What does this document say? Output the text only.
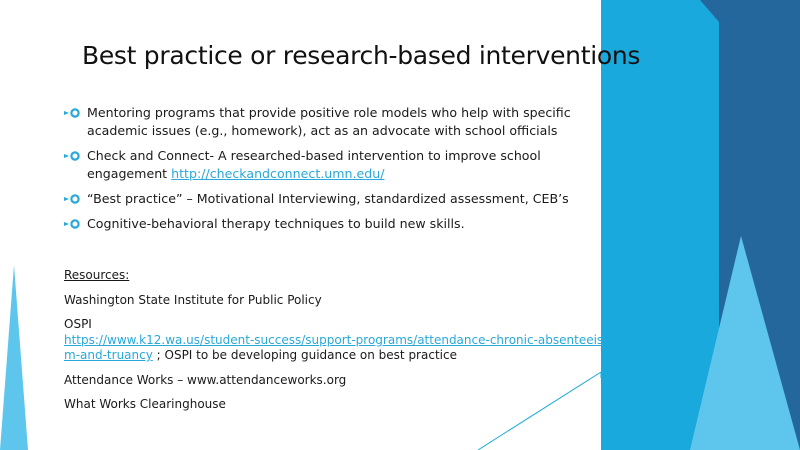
Best practice or research-based interventions
Mentoring programs that provide positive role models who help with specific academic issues (e.g., homework), act as an advocate with school officials
Check and Connect- A researched-based intervention to improve school engagement http://checkandconnect.umn.edu/
“Best practice” – Motivational Interviewing, standardized assessment, CEB’s
Cognitive-behavioral therapy techniques to build new skills.

Resources:

Washington State Institute for Public Policy

OSPI
https://www.k12.wa.us/student-success/support-programs/attendance-chronic-absenteeism-and-truancy ; OSPI to be developing guidance on best practice

Attendance Works – www.attendanceworks.org

What Works Clearinghouse
